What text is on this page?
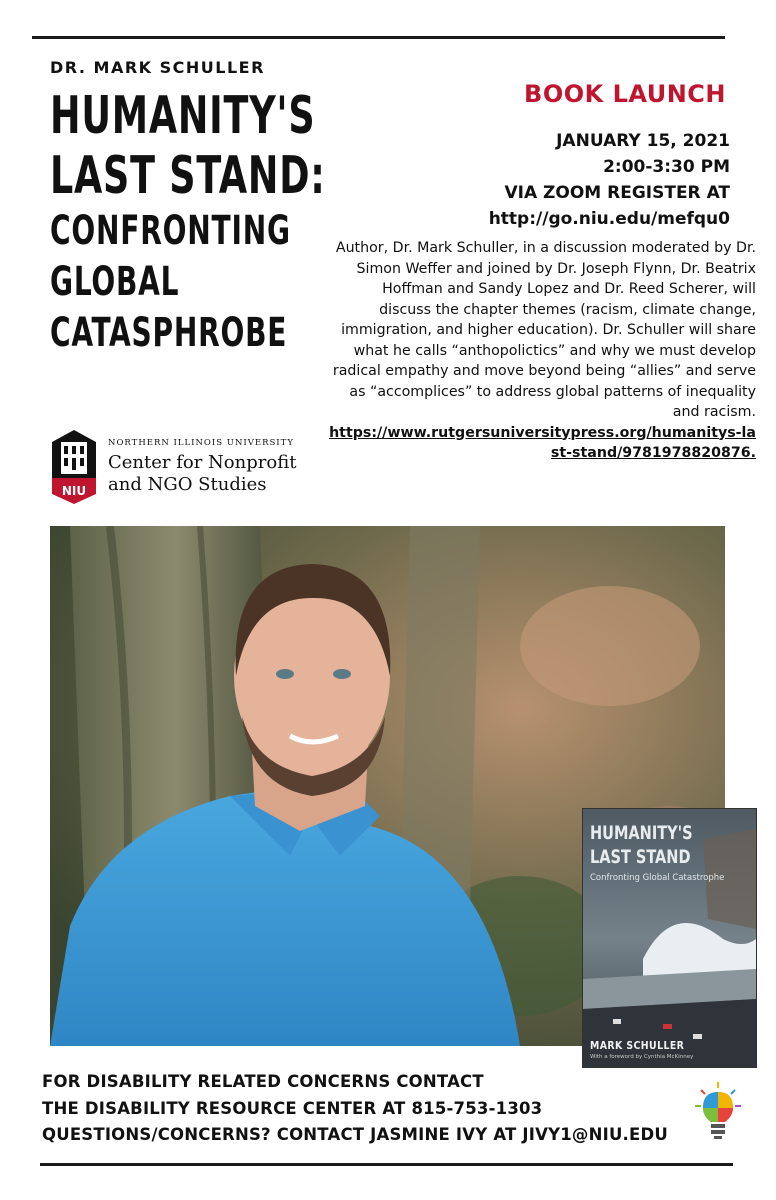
DR. MARK SCHULLER
HUMANITY'S
LAST STAND:
CONFRONTING
GLOBAL
CATASPHROBE
BOOK LAUNCH
JANUARY 15, 2021
2:00-3:30 PM
VIA ZOOM REGISTER AT
http://go.niu.edu/mefqu0
Author, Dr. Mark Schuller, in a discussion moderated by Dr. Simon Weffer and joined by Dr. Joseph Flynn, Dr. Beatrix Hoffman and Sandy Lopez and Dr. Reed Scherer, will discuss the chapter themes (racism, climate change, immigration, and higher education). Dr. Schuller will share what he calls “anthopolictics” and why we must develop radical empathy and move beyond being “allies” and serve as “accomplices” to address global patterns of inequality and racism.
https://www.rutgersuniversitypress.org/humanitys-last-stand/9781978820876.
NIU
NORTHERN ILLINOIS UNIVERSITY
Center for Nonprofit
and NGO Studies
HUMANITY'S
LAST STAND
Confronting Global Catastrophe
MARK SCHULLER
With a foreword by Cynthia McKinney
FOR DISABILITY RELATED CONCERNS CONTACT
THE DISABILITY RESOURCE CENTER AT 815-753-1303
QUESTIONS/CONCERNS? CONTACT JASMINE IVY AT JIVY1@NIU.EDU
